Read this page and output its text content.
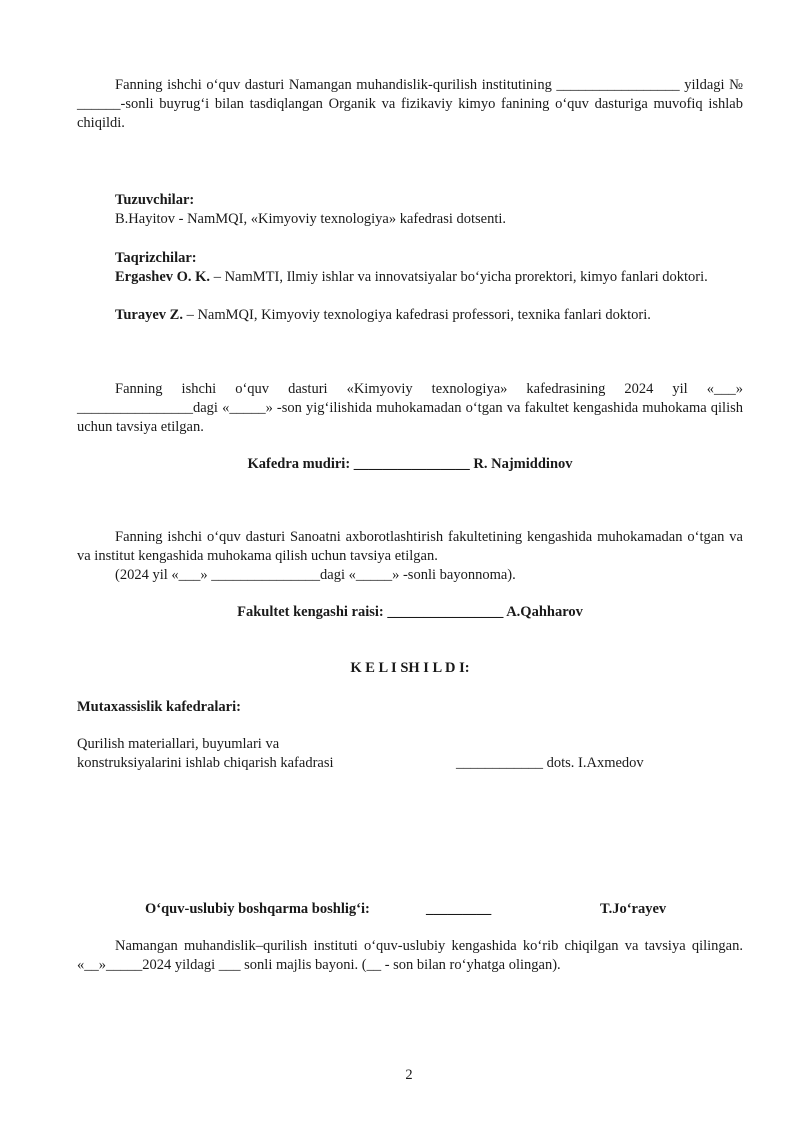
Fanning ishchi o‘quv dasturi Namangan muhandislik-qurilish institutining _________________ yildagi № ______-sonli buyrug‘i bilan tasdiqlangan Organik va fizikaviy kimyo fanining o‘quv dasturiga muvofiq ishlab chiqildi.
Tuzuvchilar:
B.Hayitov - NamMQI, «Kimyoviy texnologiya» kafedrasi dotsenti.
Taqrizchilar:
Ergashev O. K. – NamMTI, Ilmiy ishlar va innovatsiyalar bo‘yicha prorektori, kimyo fanlari doktori.
Turayev Z. – NamMQI, Kimyoviy texnologiya kafedrasi professori, texnika fanlari doktori.
Fanning ishchi o‘quv dasturi «Kimyoviy texnologiya» kafedrasining 2024 yil «___» ________________dagi «_____» -son yig‘ilishida muhokamadan o‘tgan va fakultet kengashida muhokama qilish uchun tavsiya etilgan.
Kafedra mudiri: ________________ R. Najmiddinov
Fanning ishchi o‘quv dasturi Sanoatni axborotlashtirish fakultetining kengashida muhokamadan o‘tgan va va institut kengashida muhokama qilish uchun tavsiya etilgan.
(2024 yil «___» _______________dagi «_____» -sonli bayonnoma).
Fakultet kengashi raisi: ________________ A.Qahharov
K E L I SH I L D I:
Mutaxassislik kafedralari:
Qurilish materiallari, buyumlari va
konstruksiyalarini ishlab chiqarish kafadrasi	____________ dots. I.Axmedov
O‘quv-uslubiy boshqarma boshlig‘i:	_________	T.Jo‘rayev
Namangan muhandislik–qurilish instituti o‘quv-uslubiy kengashida ko‘rib chiqilgan va tavsiya qilingan. «__»_____2024 yildagi ___ sonli majlis bayoni. (__ - son bilan ro‘yhatga olingan).
2
